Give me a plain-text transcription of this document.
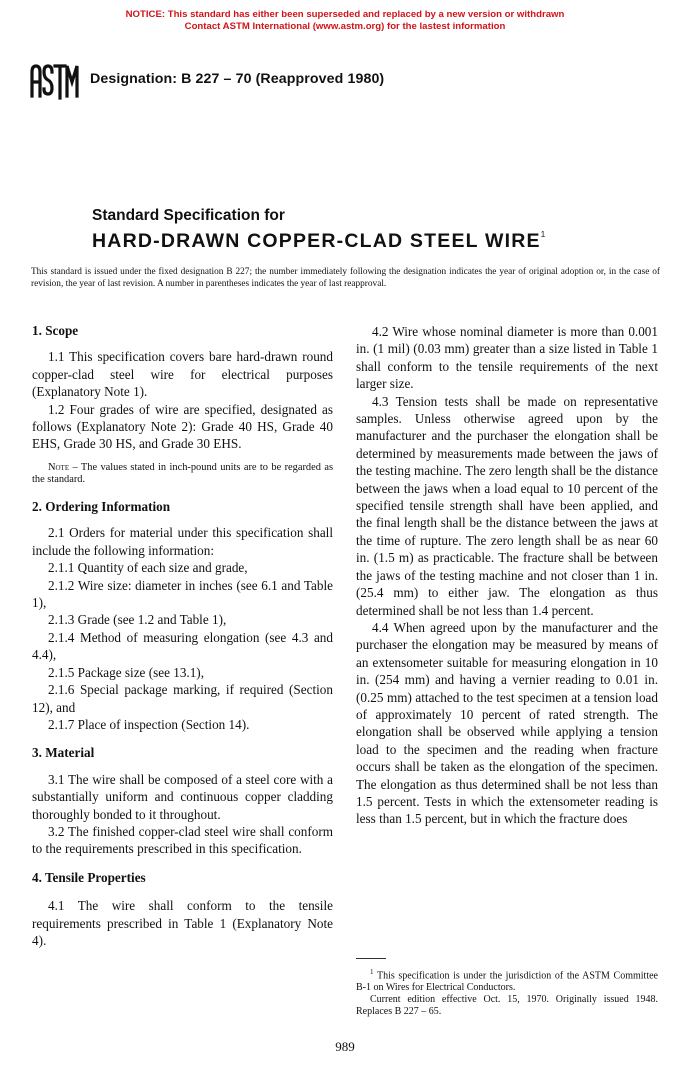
NOTICE: This standard has either been superseded and replaced by a new version or withdrawn
Contact ASTM International (www.astm.org) for the lastest information
Designation: B 227 – 70 (Reapproved 1980)
Standard Specification for
HARD-DRAWN COPPER-CLAD STEEL WIRE$^1$
This standard is issued under the fixed designation B 227; the number immediately following the designation indicates the year of original adoption or, in the case of revision, the year of last revision. A number in parentheses indicates the year of last reapproval.
1. Scope

1.1 This specification covers bare hard-drawn round copper-clad steel wire for electrical purposes (Explanatory Note 1).

1.2 Four grades of wire are specified, designated as follows (Explanatory Note 2): Grade 40 HS, Grade 40 EHS, Grade 30 HS, and Grade 30 EHS.

Note – The values stated in inch-pound units are to be regarded as the standard.

2. Ordering Information

2.1 Orders for material under this specification shall include the following information:

2.1.1 Quantity of each size and grade,

2.1.2 Wire size: diameter in inches (see 6.1 and Table 1),

2.1.3 Grade (see 1.2 and Table 1),

2.1.4 Method of measuring elongation (see 4.3 and 4.4),

2.1.5 Package size (see 13.1),

2.1.6 Special package marking, if required (Section 12), and

2.1.7 Place of inspection (Section 14).

3. Material

3.1 The wire shall be composed of a steel core with a substantially uniform and continuous copper cladding thoroughly bonded to it throughout.

3.2 The finished copper-clad steel wire shall conform to the requirements prescribed in this specification.

4. Tensile Properties

4.1 The wire shall conform to the tensile requirements prescribed in Table 1 (Explanatory Note 4).

4.2 Wire whose nominal diameter is more than 0.001 in. (1 mil) (0.03 mm) greater than a size listed in Table 1 shall conform to the tensile requirements of the next larger size.

4.3 Tension tests shall be made on representative samples. Unless otherwise agreed upon by the manufacturer and the purchaser the elongation shall be determined by measurements made between the jaws of the testing machine. The zero length shall be the distance between the jaws when a load equal to 10 percent of the specified tensile strength shall have been applied, and the final length shall be the distance between the jaws at the time of rupture. The zero length shall be as near 60 in. (1.5 m) as practicable. The fracture shall be between the jaws of the testing machine and not closer than 1 in. (25.4 mm) to either jaw. The elongation as thus determined shall be not less than 1.4 percent.

4.4 When agreed upon by the manufacturer and the purchaser the elongation may be measured by means of an extensometer suitable for measuring elongation in 10 in. (254 mm) and having a vernier reading to 0.01 in. (0.25 mm) attached to the test specimen at a tension load of approximately 10 percent of rated strength. The elongation shall be observed while applying a tension load to the specimen and the reading when fracture occurs shall be taken as the elongation of the specimen. The elongation as thus determined shall be not less than 1.5 percent. Tests in which the extensometer reading is less than 1.5 percent, but in which the fracture does

$^1$ This specification is under the jurisdiction of the ASTM Committee B-1 on Wires for Electrical Conductors.

Current edition effective Oct. 15, 1970. Originally issued 1948. Replaces B 227 – 65.

989
